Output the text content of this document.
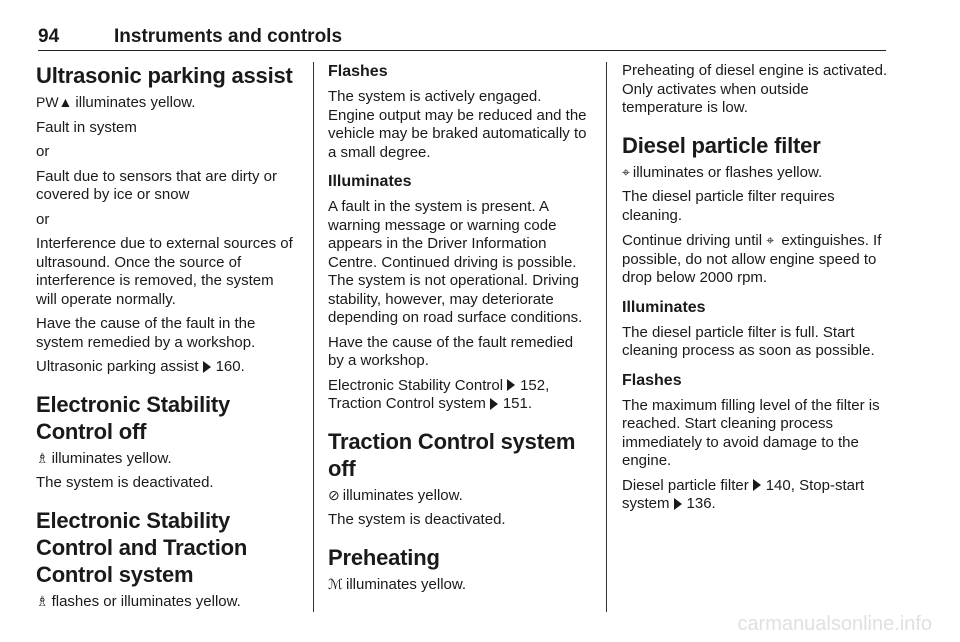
94	Instruments and controls
Ultrasonic parking assist

PW▲ illuminates yellow.

Fault in system

or

Fault due to sensors that are dirty or covered by ice or snow

or

Interference due to external sources of ultrasound. Once the source of interference is removed, the system will operate normally.

Have the cause of the fault in the system remedied by a workshop.

Ultrasonic parking assist 160.

Electronic Stability Control off

♗ illuminates yellow.

The system is deactivated.

Electronic Stability Control and Traction Control system

♗ flashes or illuminates yellow.

Flashes

The system is actively engaged. Engine output may be reduced and the vehicle may be braked automatically to a small degree.

Illuminates

A fault in the system is present. A warning message or warning code appears in the Driver Information Centre. Continued driving is possible. The system is not operational. Driving stability, however, may deteriorate depending on road surface conditions.

Have the cause of the fault remedied by a workshop.

Electronic Stability Control 152,
Traction Control system 151.

Traction Control system off

⊘ illuminates yellow.

The system is deactivated.

Preheating

ℳ illuminates yellow.

Preheating of diesel engine is activated. Only activates when outside temperature is low.

Diesel particle filter

⌖ illuminates or flashes yellow.

The diesel particle filter requires cleaning.

Continue driving until ⌖ extinguishes. If possible, do not allow engine speed to drop below 2000 rpm.

Illuminates

The diesel particle filter is full. Start cleaning process as soon as possible.

Flashes

The maximum filling level of the filter is reached. Start cleaning process immediately to avoid damage to the engine.

Diesel particle filter 140, Stop-start system 136.

carmanualsonline.info
